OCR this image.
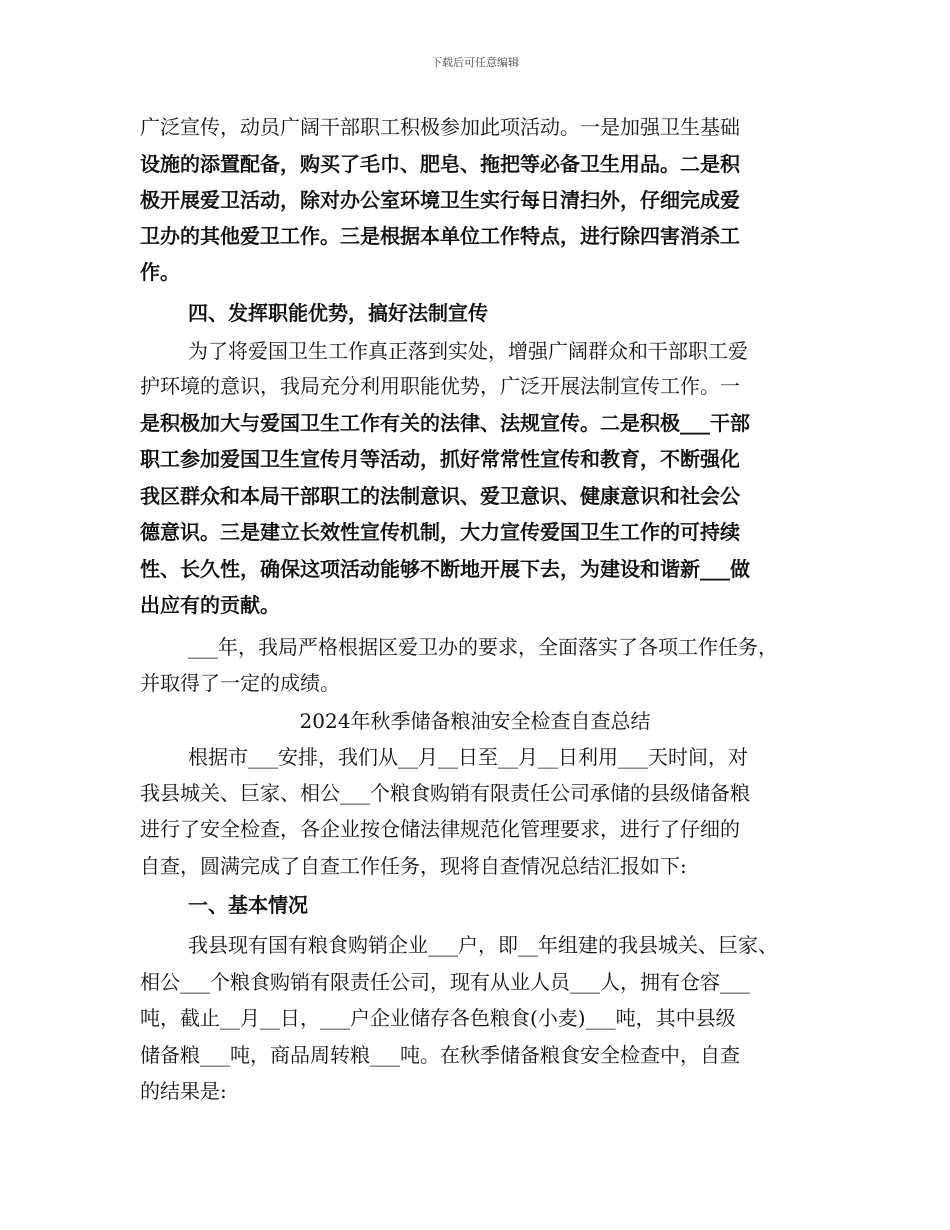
下载后可任意编辑
广泛宣传，动员广阔干部职工积极参加此项活动。一是加强卫生基础
设施的添置配备，购买了毛巾、肥皂、拖把等必备卫生用品。二是积
极开展爱卫活动，除对办公室环境卫生实行每日清扫外，仔细完成爱
卫办的其他爱卫工作。三是根据本单位工作特点，进行除四害消杀工
作。
四、发挥职能优势，搞好法制宣传
为了将爱国卫生工作真正落到实处，增强广阔群众和干部职工爱
护环境的意识，我局充分利用职能优势，广泛开展法制宣传工作。一
是积极加大与爱国卫生工作有关的法律、法规宣传。二是积极___干部
职工参加爱国卫生宣传月等活动，抓好常常性宣传和教育，不断强化
我区群众和本局干部职工的法制意识、爱卫意识、健康意识和社会公
德意识。三是建立长效性宣传机制，大力宣传爱国卫生工作的可持续
性、长久性，确保这项活动能够不断地开展下去，为建设和谐新___做
出应有的贡献。
___年，我局严格根据区爱卫办的要求，全面落实了各项工作任务，
并取得了一定的成绩。
2024年秋季储备粮油安全检查自查总结
根据市___安排，我们从__月__日至__月__日利用___天时间，对
我县城关、巨家、相公___个粮食购销有限责任公司承储的县级储备粮
进行了安全检查，各企业按仓储法律规范化管理要求，进行了仔细的
自查，圆满完成了自查工作任务，现将自查情况总结汇报如下:
一、基本情况
我县现有国有粮食购销企业___户，即__年组建的我县城关、巨家、
相公___个粮食购销有限责任公司，现有从业人员___人，拥有仓容___
吨，截止__月__日，___户企业储存各色粮食(小麦)___吨，其中县级
储备粮___吨，商品周转粮___吨。在秋季储备粮食安全检查中，自查
的结果是:
